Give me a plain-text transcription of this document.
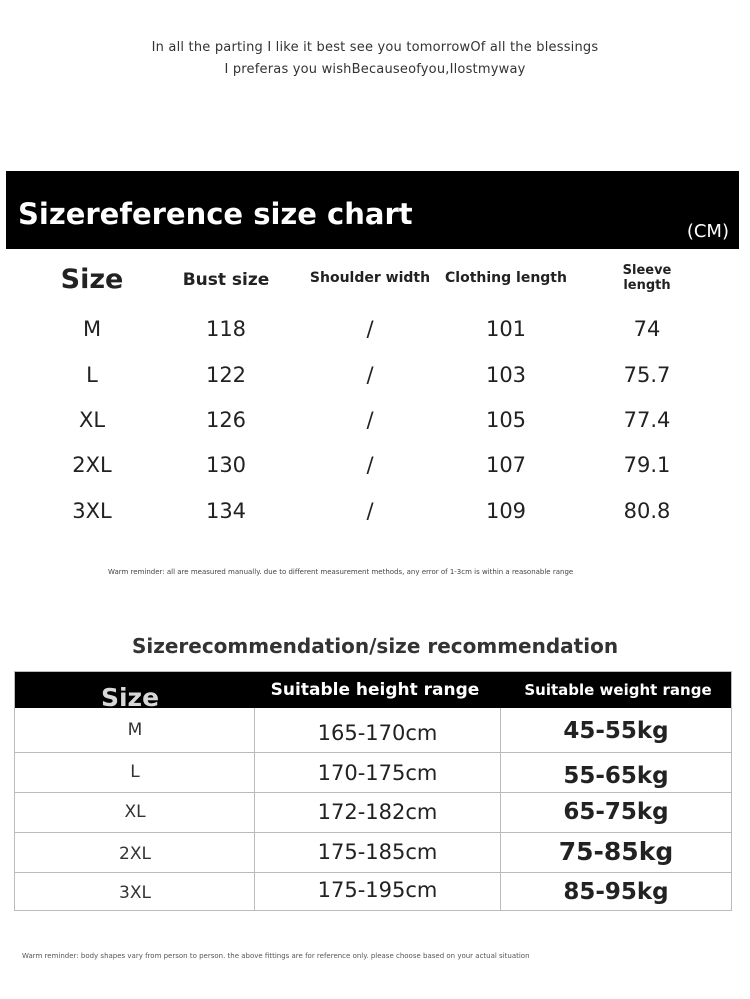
In all the parting I like it best see you tomorrowOf all the blessings
I preferas you wishBecauseofyou,Ilostmyway
Sizereference size chart
(CM)
Size	Bust size	Shoulder width	Clothing length	Sleeve length
M	118	/	101	74
L	122	/	103	75.7
XL	126	/	105	77.4
2XL	130	/	107	79.1
3XL	134	/	109	80.8
Warm reminder: all are measured manually. due to different measurement methods, any error of 1-3cm is within a reasonable range
Sizerecommendation/size recommendation
Size	Suitable height range	Suitable weight range
M	165-170cm	45-55kg
L	170-175cm	55-65kg
XL	172-182cm	65-75kg
2XL	175-185cm	75-85kg
3XL	175-195cm	85-95kg
Warm reminder: body shapes vary from person to person. the above fittings are for reference only. please choose based on your actual situation
